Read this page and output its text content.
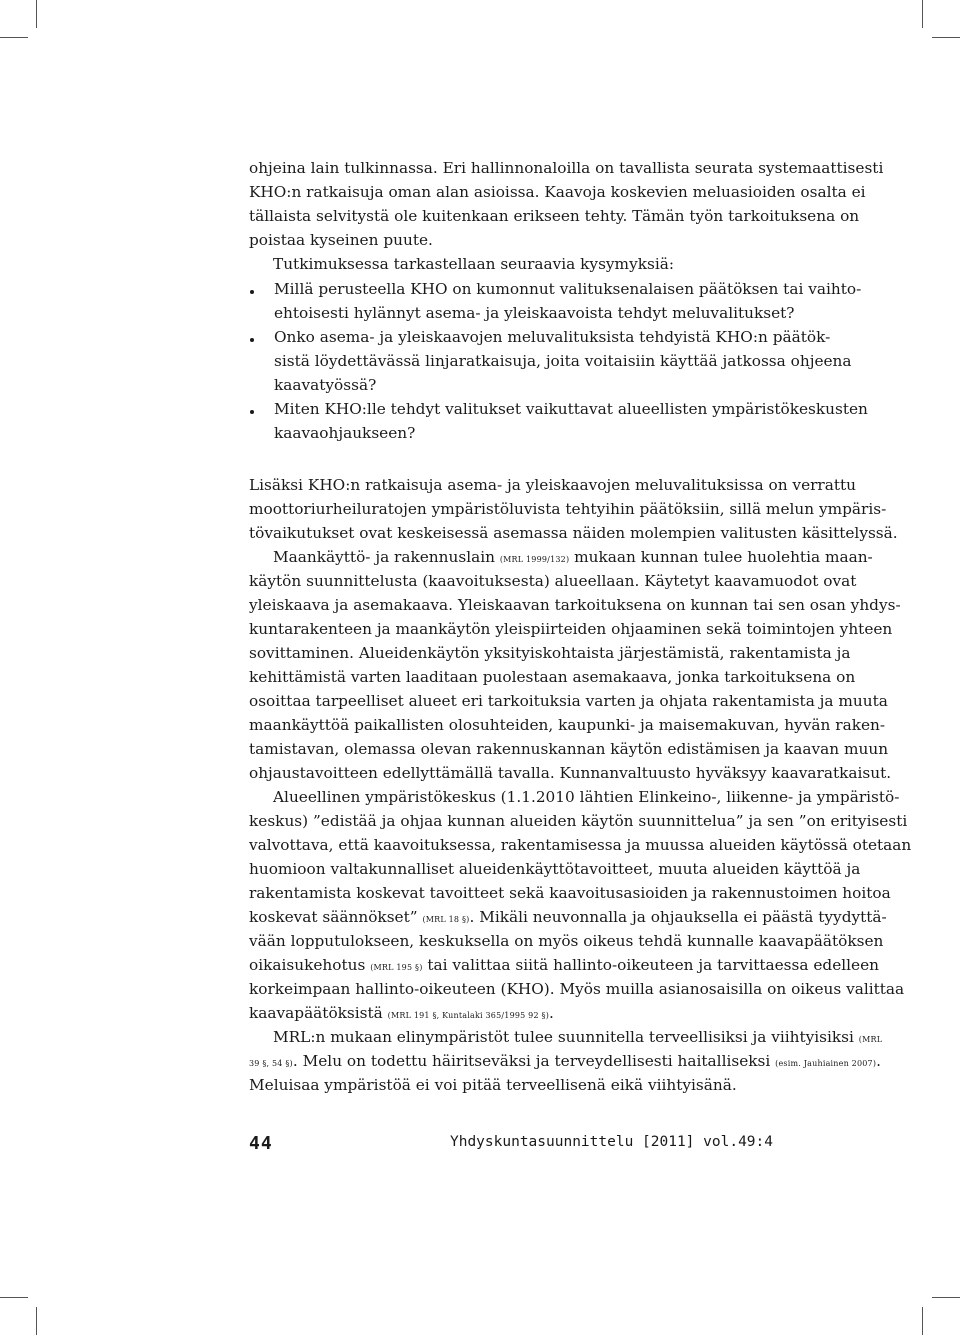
ohjeina lain tulkinnassa. Eri hallinnonaloilla on tavallista seurata systemaattisesti
KHO:n ratkaisuja oman alan asioissa. Kaavoja koskevien meluasioiden osalta ei
tällaista selvitystä ole kuitenkaan erikseen tehty. Tämän työn tarkoituksena on
poistaa kyseinen puute.
Tutkimuksessa tarkastellaan seuraavia kysymyksiä:
Millä perusteella KHO on kumonnut valituksenalaisen päätöksen tai vaihto-
ehtoisesti hylännyt asema- ja yleiskaavoista tehdyt meluvalitukset?
Onko asema- ja yleiskaavojen meluvalituksista tehdyistä KHO:n päätök-
sistä löydettävässä linjaratkaisuja, joita voitaisiin käyttää jatkossa ohjeena
kaavatyössä?
Miten KHO:lle tehdyt valitukset vaikuttavat alueellisten ympäristökeskusten
kaavaohjaukseen?
Lisäksi KHO:n ratkaisuja asema- ja yleiskaavojen meluvalituksissa on verrattu
moottoriurheiluratojen ympäristöluvista tehtyihin päätöksiin, sillä melun ympäris-
tövaikutukset ovat keskeisessä asemassa näiden molempien valitusten käsittelyssä.
Maankäyttö- ja rakennuslain (MRL 1999/132) mukaan kunnan tulee huolehtia maan-
käytön suunnittelusta (kaavoituksesta) alueellaan. Käytetyt kaavamuodot ovat
yleiskaava ja asemakaava. Yleiskaavan tarkoituksena on kunnan tai sen osan yhdys-
kuntarakenteen ja maankäytön yleispiirteiden ohjaaminen sekä toimintojen yhteen
sovittaminen. Alueidenkäytön yksityiskohtaista järjestämistä, rakentamista ja
kehittämistä varten laaditaan puolestaan asemakaava, jonka tarkoituksena on
osoittaa tarpeelliset alueet eri tarkoituksia varten ja ohjata rakentamista ja muuta
maankäyttöä paikallisten olosuhteiden, kaupunki- ja maisemakuvan, hyvän raken-
tamistavan, olemassa olevan rakennuskannan käytön edistämisen ja kaavan muun
ohjaustavoitteen edellyttämällä tavalla. Kunnanvaltuusto hyväksyy kaavaratkaisut.
Alueellinen ympäristökeskus (1.1.2010 lähtien Elinkeino-, liikenne- ja ympäristö-
keskus) ”edistää ja ohjaa kunnan alueiden käytön suunnittelua” ja sen ”on erityisesti
valvottava, että kaavoituksessa, rakentamisessa ja muussa alueiden käytössä otetaan
huomioon valtakunnalliset alueidenkäyttötavoitteet, muuta alueiden käyttöä ja
rakentamista koskevat tavoitteet sekä kaavoitusasioiden ja rakennustoimen hoitoa
koskevat säännökset” (MRL 18 §). Mikäli neuvonnalla ja ohjauksella ei päästä tyydyttä-
vään lopputulokseen, keskuksella on myös oikeus tehdä kunnalle kaavapäätöksen
oikaisukehotus (MRL 195 §) tai valittaa siitä hallinto-oikeuteen ja tarvittaessa edelleen
korkeimpaan hallinto-oikeuteen (KHO). Myös muilla asianosaisilla on oikeus valittaa
kaavapäätöksistä (MRL 191 §, Kuntalaki 365/1995 92 §).
MRL:n mukaan elinympäristöt tulee suunnitella terveellisiksi ja viihtyisiksi (MRL
39 §, 54 §). Melu on todettu häiritseväksi ja terveydellisesti haitalliseksi (esim. Jauhiainen 2007).
Meluisaa ympäristöä ei voi pitää terveellisenä eikä viihtyisänä.
44	Yhdyskuntasuunnittelu [2011] vol.49:4
